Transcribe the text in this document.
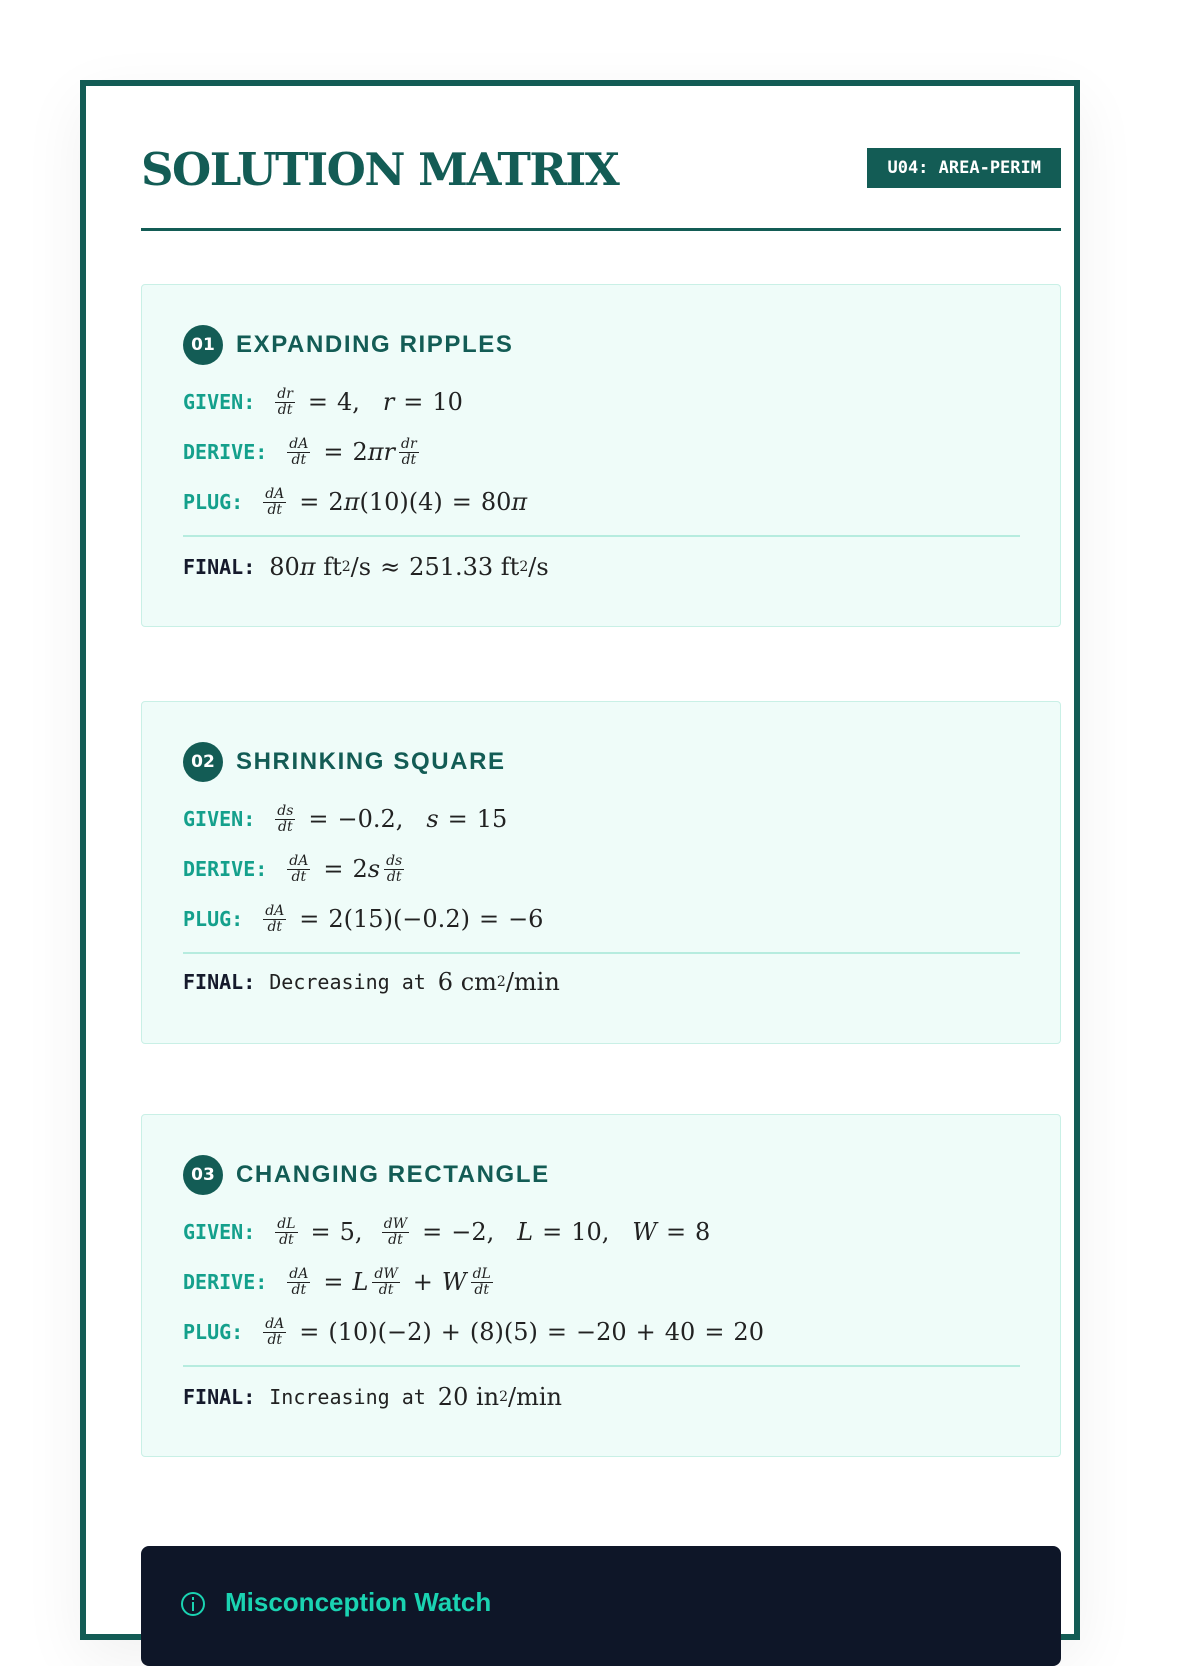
SOLUTION MATRIX	U04: AREA-PERIM
01 EXPANDING RIPPLES
GIVEN: $\frac{dr}{dt} = 4$, r = 10
DERIVE: $\frac{dA}{dt} = 2$ π r $\frac{dr}{dt}$
PLUG: $\frac{dA}{dt} = 2$ π (10)(4) = 80 π
FINAL: 80 π ft 2 /s ≈ 251.33 ft 2 /s
02 SHRINKING SQUARE
GIVEN: $\frac{ds}{dt} = -0.2$, s = 15
DERIVE: $\frac{dA}{dt} = 2$ s $\frac{ds}{dt}$
PLUG: $\frac{dA}{dt} = 2(15)(-0.2) = -6$
FINAL: Decreasing at 6 cm 2 /min
03 CHANGING RECTANGLE
GIVEN: $\frac{dL}{dt} = 5$, $\frac{dW}{dt} = -2$, L = 10, W = 8
DERIVE: $\frac{dA}{dt} = L \frac{dW}{dt} + W \frac{dL}{dt}$
PLUG: $\frac{dA}{dt} = (10)(-2) + (8)(5) = -20 + 40 = 20$
FINAL: Increasing at 20 in 2 /min
Misconception Watch
